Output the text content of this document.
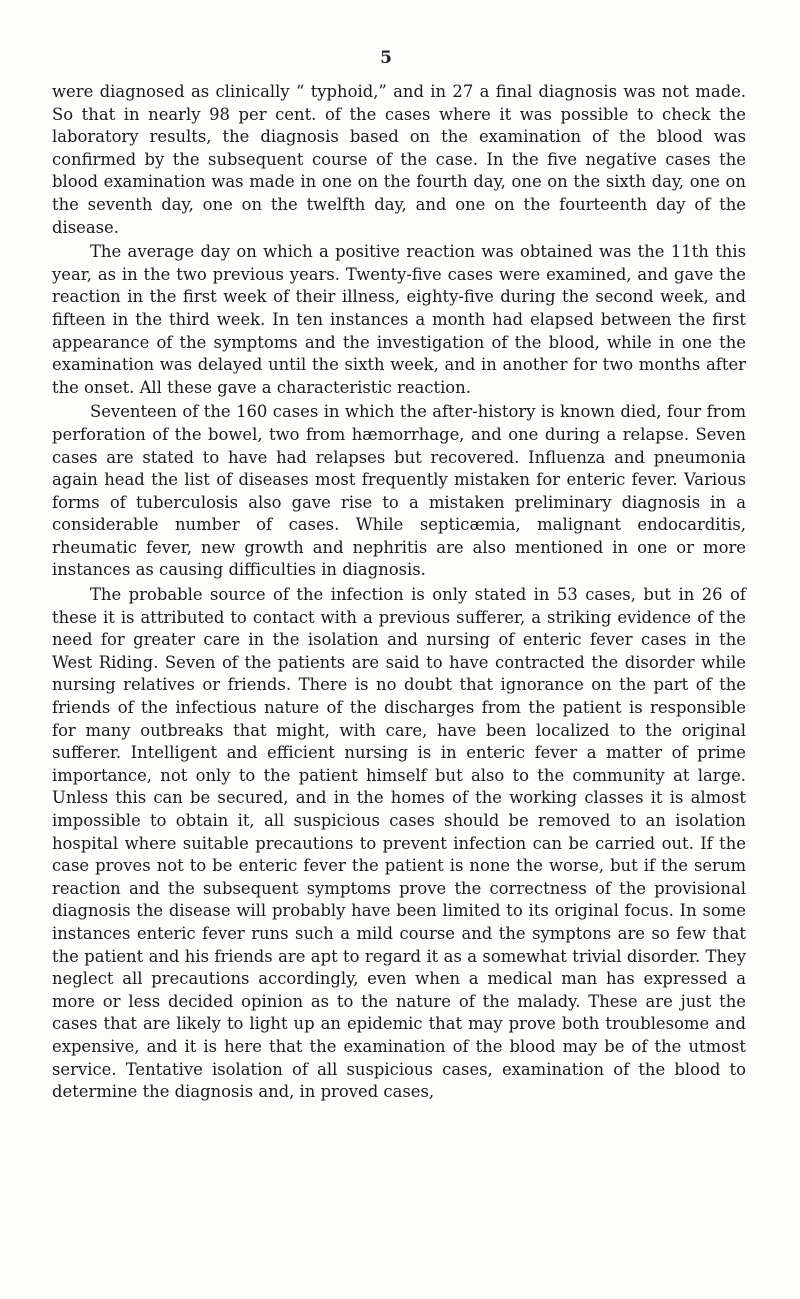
5

were diagnosed as clinically “ typhoid,” and in 27 a final diagnosis was not made. So that in nearly 98 per cent. of the cases where it was possible to check the laboratory results, the diagnosis based on the examination of the blood was confirmed by the subsequent course of the case. In the five negative cases the blood examination was made in one on the fourth day, one on the sixth day, one on the seventh day, one on the twelfth day, and one on the fourteenth day of the disease.

The average day on which a positive reaction was obtained was the 11th this year, as in the two previous years. Twenty-five cases were examined, and gave the reaction in the first week of their illness, eighty-five during the second week, and fifteen in the third week. In ten instances a month had elapsed between the first appearance of the symptoms and the investigation of the blood, while in one the examination was delayed until the sixth week, and in another for two months after the onset. All these gave a characteristic reaction.

Seventeen of the 160 cases in which the after-history is known died, four from perforation of the bowel, two from hæmorrhage, and one during a relapse. Seven cases are stated to have had relapses but recovered. Influenza and pneumonia again head the list of diseases most frequently mistaken for enteric fever. Various forms of tuberculosis also gave rise to a mistaken preliminary diagnosis in a considerable number of cases. While septicæmia, malignant endocarditis, rheumatic fever, new growth and nephritis are also mentioned in one or more instances as causing difficulties in diagnosis.

The probable source of the infection is only stated in 53 cases, but in 26 of these it is attributed to contact with a previous sufferer, a striking evidence of the need for greater care in the isolation and nursing of enteric fever cases in the West Riding. Seven of the patients are said to have contracted the disorder while nursing relatives or friends. There is no doubt that ignorance on the part of the friends of the infectious nature of the discharges from the patient is responsible for many outbreaks that might, with care, have been localized to the original sufferer. Intelligent and efficient nursing is in enteric fever a matter of prime importance, not only to the patient himself but also to the community at large. Unless this can be secured, and in the homes of the working classes it is almost impossible to obtain it, all suspicious cases should be removed to an isolation hospital where suitable precautions to prevent infection can be carried out. If the case proves not to be enteric fever the patient is none the worse, but if the serum reaction and the subsequent symptoms prove the correctness of the provisional diagnosis the disease will probably have been limited to its original focus. In some instances enteric fever runs such a mild course and the symptons are so few that the patient and his friends are apt to regard it as a somewhat trivial disorder. They neglect all precautions accordingly, even when a medical man has expressed a more or less decided opinion as to the nature of the malady. These are just the cases that are likely to light up an epidemic that may prove both troublesome and expensive, and it is here that the examination of the blood may be of the utmost service. Tentative isolation of all suspicious cases, examination of the blood to determine the diagnosis and, in proved cases,
